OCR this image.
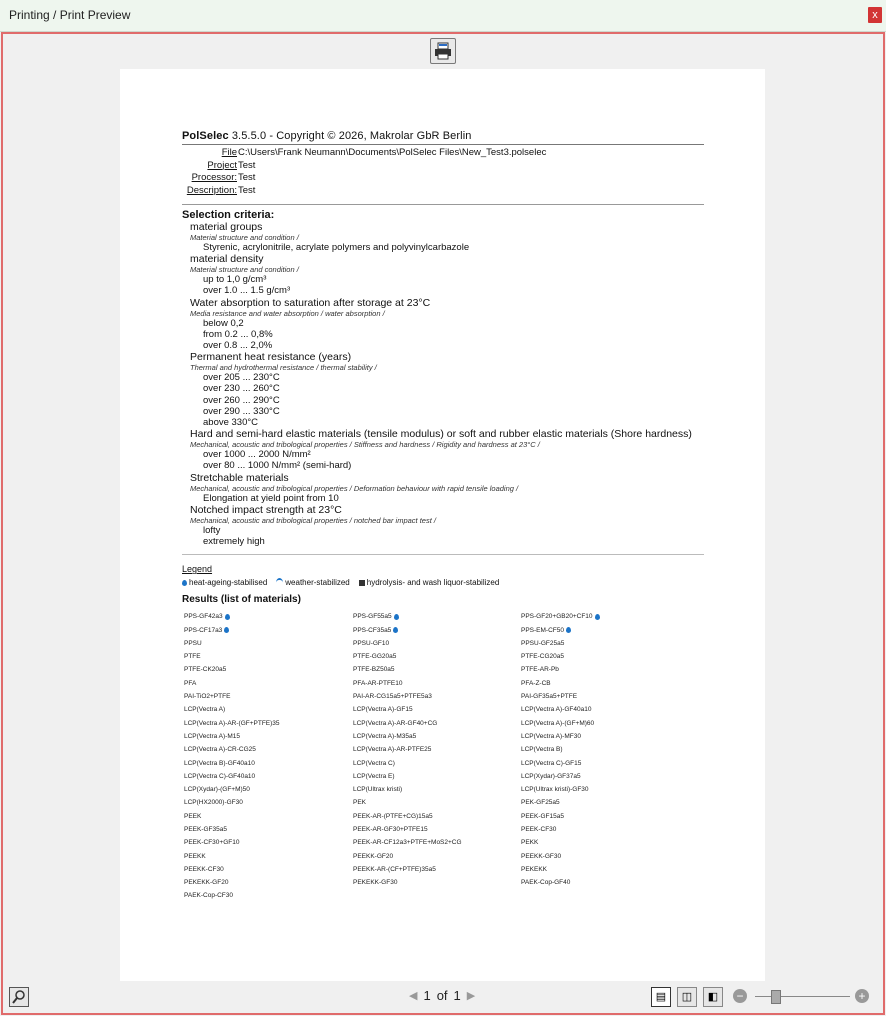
Printing / Print Preview	x
PolSelec 3.5.5.0 - Copyright © 2026, Makrolar GbR Berlin
File C:\Users\Frank Neumann\Documents\PolSelec Files\New_Test3.polselec
Project Test
Processor: Test
Description: Test
Selection criteria:
material groups
Material structure and condition /
Styrenic, acrylonitrile, acrylate polymers and polyvinylcarbazole
material density
Material structure and condition /
up to 1,0 g/cm³
over 1.0 ... 1.5 g/cm³
Water absorption to saturation after storage at 23°C
Media resistance and water absorption / water absorption /
below 0,2
from 0.2 ... 0,8%
over 0.8 ... 2,0%
Permanent heat resistance (years)
Thermal and hydrothermal resistance / thermal stability /
over 205 ... 230°C
over 230 ... 260°C
over 260 ... 290°C
over 290 ... 330°C
above 330°C
Hard and semi-hard elastic materials (tensile modulus) or soft and rubber elastic materials (Shore hardness)
Mechanical, acoustic and tribological properties / Stiffness and hardness / Rigidity and hardness at 23°C /
over 1000 ... 2000 N/mm²
over 80 ... 1000 N/mm² (semi-hard)
Stretchable materials
Mechanical, acoustic and tribological properties / Deformation behaviour with rapid tensile loading /
Elongation at yield point from 10
Notched impact strength at 23°C
Mechanical, acoustic and tribological properties / notched bar impact test /
lofty
extremely high
Legend
heat-ageing-stabilised weather-stabilized hydrolysis- and wash liquor-stabilized
Results (list of materials)
PPS-GF42a3	PPS-GF55a5	PPS-GF20+GB20+CF10
PPS-CF17a3	PPS-CF35a5	PPS-EM-CF50
PPSU	PPSU-GF10	PPSU-GF25a5
PTFE	PTFE-GG20a5	PTFE-CG20a5
PTFE-CK20a5	PTFE-BZ50a5	PTFE-AR-Pb
PFA	PFA-AR-PTFE10	PFA-Z-CB
PAI-TiO2+PTFE	PAI-AR-CG15a5+PTFE5a3	PAI-GF35a5+PTFE
LCP(Vectra A)	LCP(Vectra A)-GF15	LCP(Vectra A)-GF40a10
LCP(Vectra A)-AR-(GF+PTFE)35	LCP(Vectra A)-AR-GF40+CG	LCP(Vectra A)-(GF+M)60
LCP(Vectra A)-M15	LCP(Vectra A)-M35a5	LCP(Vectra A)-MF30
LCP(Vectra A)-CR-CG25	LCP(Vectra A)-AR-PTFE25	LCP(Vectra B)
LCP(Vectra B)-GF40a10	LCP(Vectra C)	LCP(Vectra C)-GF15
LCP(Vectra C)-GF40a10	LCP(Vectra E)	LCP(Xydar)-GF37a5
LCP(Xydar)-(GF+M)50	LCP(Ultrax kristi)	LCP(Ultrax kristi)-GF30
LCP(HX2000)-GF30	PEK	PEK-GF25a5
PEEK	PEEK-AR-(PTFE+CG)15a5	PEEK-GF15a5
PEEK-GF35a5	PEEK-AR-GF30+PTFE15	PEEK-CF30
PEEK-CF30+GF10	PEEK-AR-CF12a3+PTFE+MoS2+CG	PEKK
PEEKK	PEEKK-GF20	PEEKK-GF30
PEEKK-CF30	PEEKK-AR-(CF+PTFE)35a5	PEKEKK
PEKEKK-GF20	PEKEKK-GF30	PAEK-Cop-GF40
PAEK-Cop-CF30
◀ 1 of 1 ▶	▤	◫	◧	−	+
